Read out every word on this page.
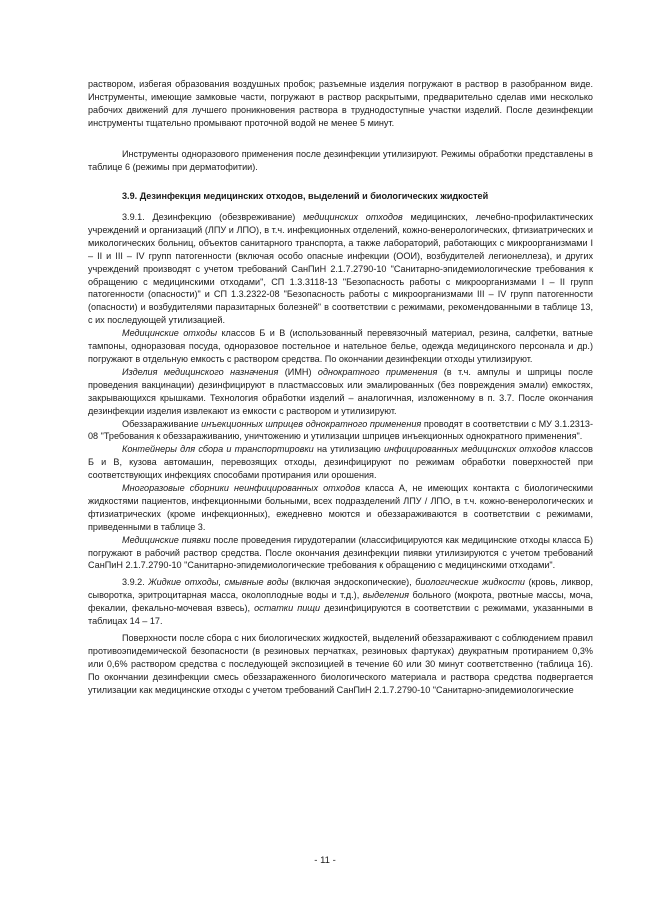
раствором, избегая образования воздушных пробок; разъемные изделия погружают в раствор в разобранном виде. Инструменты, имеющие замковые части, погружают в раствор раскрытыми, предварительно сделав ими несколько рабочих движений для лучшего проникновения раствора в труднодоступные участки изделий. После дезинфекции инструменты тщательно промывают проточной водой не менее 5 минут.

Инструменты одноразового применения после дезинфекции утилизируют. Режимы обработки представлены в таблице 6 (режимы при дерматофитии).

3.9. Дезинфекция медицинских отходов, выделений и биологических жидкостей

3.9.1. Дезинфекцию (обезвреживание) медицинских отходов медицинских, лечебно-профилактических учреждений и организаций (ЛПУ и ЛПО), в т.ч. инфекционных отделений, кожно-венерологических, фтизиатрических и микологических больниц, объектов санитарного транспорта, а также лабораторий, работающих с микроорганизмами I – II и III – IV групп патогенности (включая особо опасные инфекции (ООИ), возбудителей легионеллеза), и других учреждений производят с учетом требований СанПиН 2.1.7.2790-10 "Санитарно-эпидемиологические требования к обращению с медицинскими отходами", СП 1.3.3118-13 "Безопасность работы с микроорганизмами I – II групп патогенности (опасности)" и СП 1.3.2322-08 "Безопасность работы с микроорганизмами III – IV групп патогенности (опасности) и возбудителями паразитарных болезней" в соответствии с режимами, рекомендованными в таблице 13, с их последующей утилизацией.

Медицинские отходы классов Б и В (использованный перевязочный материал, резина, салфетки, ватные тампоны, одноразовая посуда, одноразовое постельное и нательное белье, одежда медицинского персонала и др.) погружают в отдельную емкость с раствором средства. По окончании дезинфекции отходы утилизируют.

Изделия медицинского назначения (ИМН) однократного применения (в т.ч. ампулы и шприцы после проведения вакцинации) дезинфицируют в пластмассовых или эмалированных (без повреждения эмали) емкостях, закрывающихся крышками. Технология обработки изделий – аналогичная, изложенному в п. 3.7. После окончания дезинфекции изделия извлекают из емкости с раствором и утилизируют.

Обеззараживание инъекционных шприцев однократного применения проводят в соответствии с МУ 3.1.2313-08 "Требования к обеззараживанию, уничтожению и утилизации шприцев инъекционных однократного применения".

Контейнеры для сбора и транспортировки на утилизацию инфицированных медицинских отходов классов Б и В, кузова автомашин, перевозящих отходы, дезинфицируют по режимам обработки поверхностей при соответствующих инфекциях способами протирания или орошения.

Многоразовые сборники неинфицированных отходов класса А, не имеющих контакта с биологическими жидкостями пациентов, инфекционными больными, всех подразделений ЛПУ / ЛПО, в т.ч. кожно-венерологических и фтизиатрических (кроме инфекционных), ежедневно моются и обеззараживаются в соответствии с режимами, приведенными в таблице 3.

Медицинские пиявки после проведения гирудотерапии (классифицируются как медицинские отходы класса Б) погружают в рабочий раствор средства. После окончания дезинфекции пиявки утилизируются с учетом требований СанПиН 2.1.7.2790-10 "Санитарно-эпидемиологические требования к обращению с медицинскими отходами".

3.9.2. Жидкие отходы, смывные воды (включая эндоскопические), биологические жидкости (кровь, ликвор, сыворотка, эритроцитарная масса, околоплодные воды и т.д.), выделения больного (мокрота, рвотные массы, моча, фекалии, фекально-мочевая взвесь), остатки пищи дезинфицируются в соответствии с режимами, указанными в таблицах 14 – 17.

Поверхности после сбора с них биологических жидкостей, выделений обеззараживают с соблюдением правил противоэпидемической безопасности (в резиновых перчатках, резиновых фартуках) двукратным протиранием 0,3% или 0,6% раствором средства с последующей экспозицией в течение 60 или 30 минут соответственно (таблица 16). По окончании дезинфекции смесь обеззараженного биологического материала и раствора средства подвергается утилизации как медицинские отходы с учетом требований СанПиН 2.1.7.2790-10 "Санитарно-эпидемиологические

- 11 -
